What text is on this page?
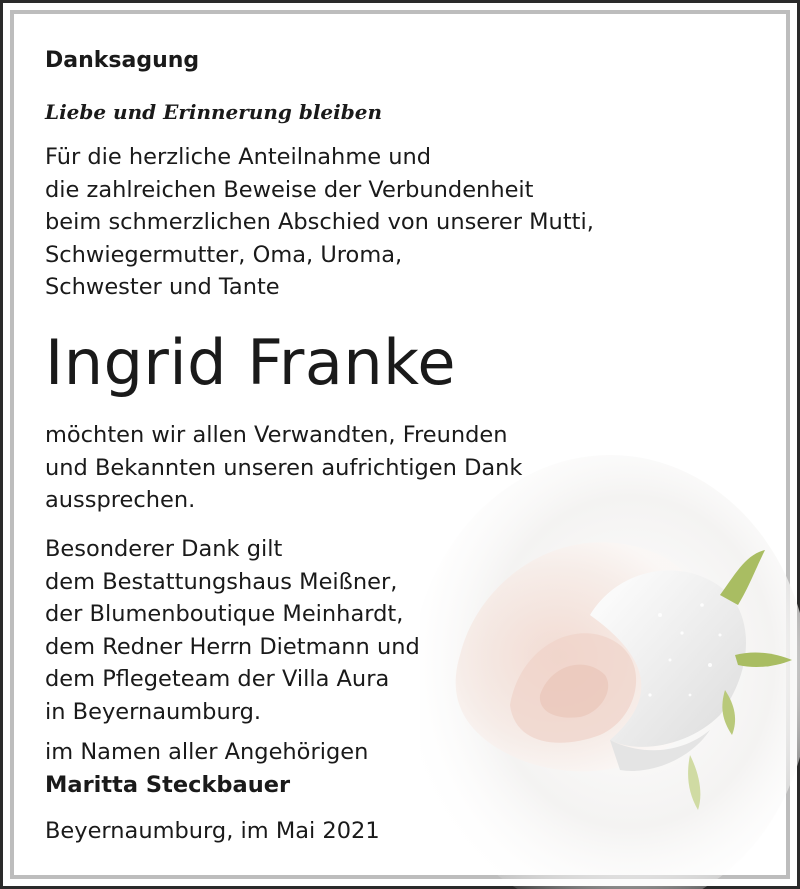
Danksagung
Liebe und Erinnerung bleiben

Für die herzliche Anteilnahme und
die zahlreichen Beweise der Verbundenheit
beim schmerzlichen Abschied von unserer Mutti,
Schwiegermutter, Oma, Uroma,
Schwester und Tante

Ingrid Franke

möchten wir allen Verwandten, Freunden
und Bekannten unseren aufrichtigen Dank
aussprechen.

Besonderer Dank gilt
dem Bestattungshaus Meißner,
der Blumenboutique Meinhardt,
dem Redner Herrn Dietmann und
dem Pflegeteam der Villa Aura
in Beyernaumburg.

im Namen aller Angehörigen
Maritta Steckbauer

Beyernaumburg, im Mai 2021
